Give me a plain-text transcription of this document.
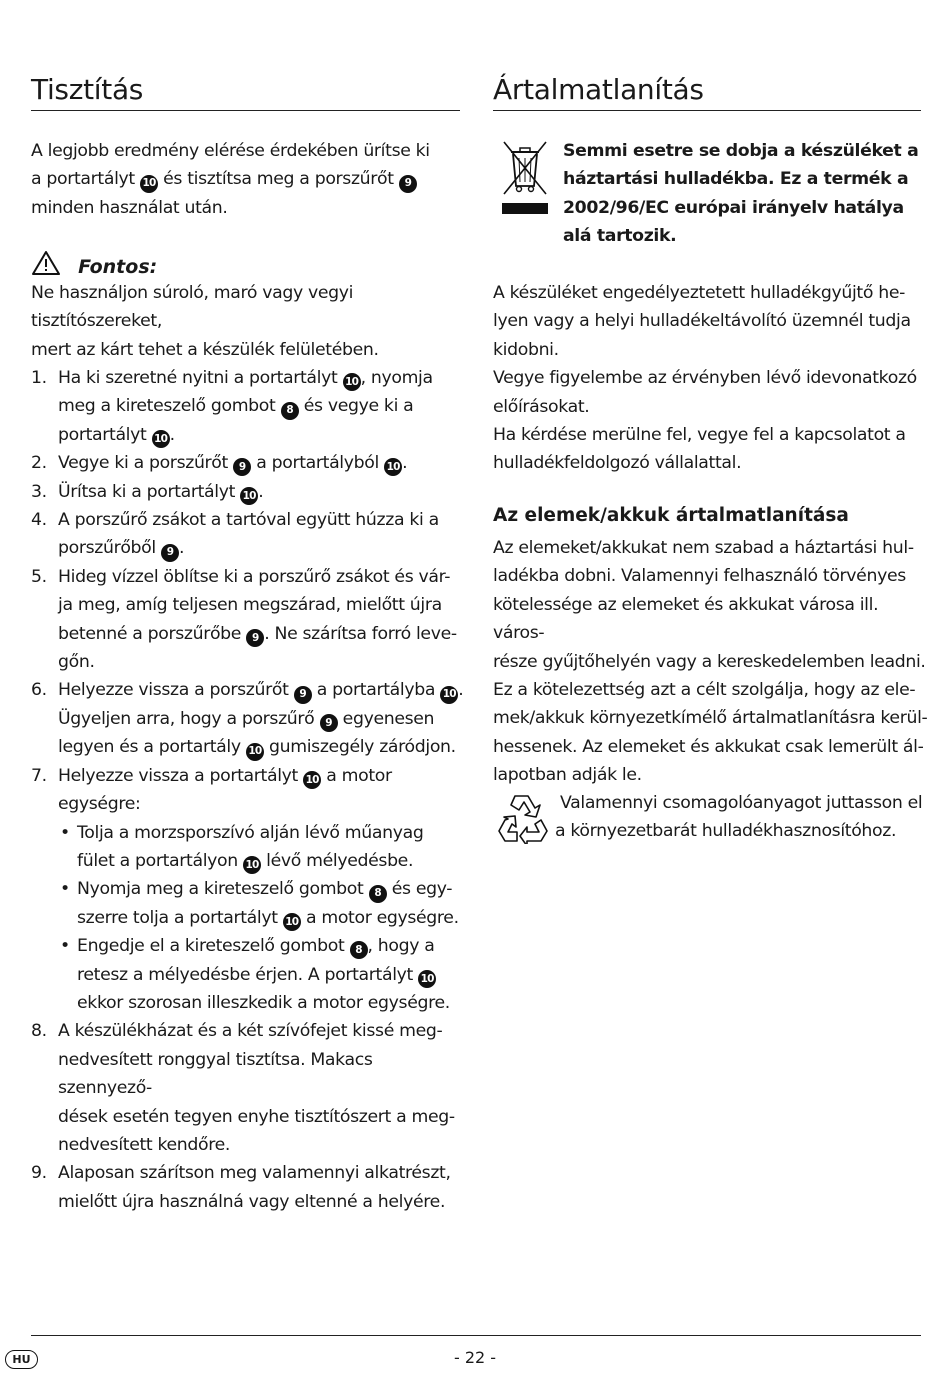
Tisztítás

A legjobb eredmény elérése érdekében ürítse ki

a portartályt 10 és tisztítsa meg a porszűrőt 9

minden használat után.

Fontos:

Ne használjon súroló, maró vagy vegyi tisztítószereket,

mert az kárt tehet a készülék felületében.

1. Ha ki szeretné nyitni a portartályt 10 , nyomja

meg a kireteszelő gombot 8 és vegye ki a

portartályt 10 .

2. Vegye ki a porszűrőt 9 a portartályból 10 .

3. Ürítsa ki a portartályt 10 .

4. A porszűrő zsákot a tartóval együtt húzza ki a

porszűrőből 9 .

5. Hideg vízzel öblítse ki a porszűrő zsákot és vár-

ja meg, amíg teljesen megszárad, mielőtt újra

betenné a porszűrőbe 9 . Ne szárítsa forró leve-

gőn.

6. Helyezze vissza a porszűrőt 9 a portartályba 10 .

Ügyeljen arra, hogy a porszűrő 9 egyenesen

legyen és a portartály 10 gumiszegély záródjon.

7. Helyezze vissza a portartályt 10 a motor egységre:

• Tolja a morzsporszívó alján lévő műanyag

fület a portartályon 10 lévő mélyedésbe.

• Nyomja meg a kireteszelő gombot 8 és egy-

szerre tolja a portartályt 10 a motor egységre.

• Engedje el a kireteszelő gombot 8 , hogy a

retesz a mélyedésbe érjen. A portartályt 10

ekkor szorosan illeszkedik a motor egységre.

8. A készülékházat és a két szívófejet kissé meg-

nedvesített ronggyal tisztítsa. Makacs szennyező-

dések esetén tegyen enyhe tisztítószert a meg-

nedvesített kendőre.

9. Alaposan szárítson meg valamennyi alkatrészt,

mielőtt újra használná vagy eltenné a helyére.

Ártalmatlanítás

Semmi esetre se dobja a készüléket a

háztartási hulladékba. Ez a termék a

2002/96/EC európai irányelv hatálya

alá tartozik.

A készüléket engedélyeztetett hulladékgyűjtő he-

lyen vagy a helyi hulladékeltávolító üzemnél tudja

kidobni.

Vegye figyelembe az érvényben lévő idevonatkozó

előírásokat.

Ha kérdése merülne fel, vegye fel a kapcsolatot a

hulladékfeldolgozó vállalattal.

Az elemek/akkuk ártalmatlanítása

Az elemeket/akkukat nem szabad a háztartási hul-

ladékba dobni. Valamennyi felhasználó törvényes

kötelessége az elemeket és akkukat városa ill. város-

része gyűjtőhelyén vagy a kereskedelemben leadni.

Ez a kötelezettség azt a célt szolgálja, hogy az ele-

mek/akkuk környezetkímélő ártalmatlanításra kerül-

hessenek. Az elemeket és akkukat csak lemerült ál-

lapotban adják le.

Valamennyi csomagolóanyagot juttasson el

a környezetbarát hulladékhasznosítóhoz.

HU	- 22 -
